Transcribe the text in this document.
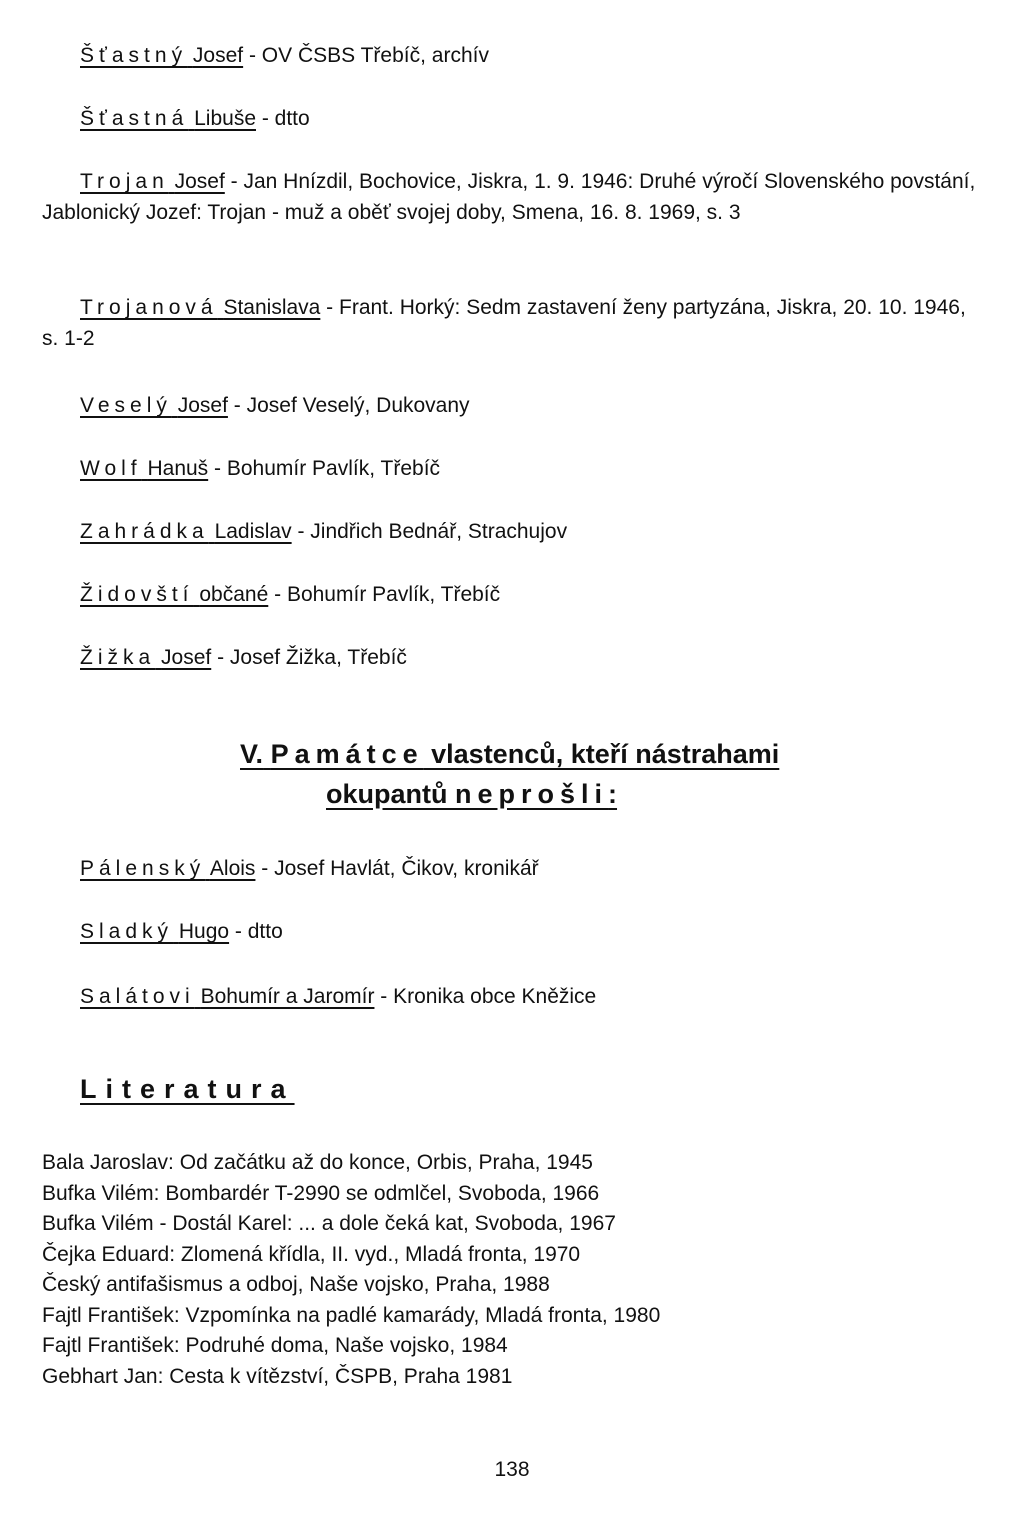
Šťastný Josef - OV ČSBS Třebíč, archív
Šťastná Libuše - dtto
Trojan Josef - Jan Hnízdil, Bochovice, Jiskra, 1. 9. 1946: Druhé výročí Slovenského povstání, Jablonický Jozef: Trojan - muž a oběť svojej doby, Smena, 16. 8. 1969, s. 3
Trojanová Stanislava - Frant. Horký: Sedm zastavení ženy partyzána, Jiskra, 20. 10. 1946, s. 1-2
Veselý Josef - Josef Veselý, Dukovany
Wolf Hanuš - Bohumír Pavlík, Třebíč
Zahrádka Ladislav - Jindřich Bednář, Strachujov
Židovští občané - Bohumír Pavlík, Třebíč
Žižka Josef - Josef Žižka, Třebíč
V. Památce vlastenců, kteří nástrahami
okupantů neprošli:
Pálenský Alois - Josef Havlát, Čikov, kronikář
Sladký Hugo - dtto
Salátovi Bohumír a Jaromír - Kronika obce Kněžice
Literatura
Bala Jaroslav: Od začátku až do konce, Orbis, Praha, 1945
Bufka Vilém: Bombardér T-2990 se odmlčel, Svoboda, 1966
Bufka Vilém - Dostál Karel: ... a dole čeká kat, Svoboda, 1967
Čejka Eduard: Zlomená křídla, II. vyd., Mladá fronta, 1970
Český antifašismus a odboj, Naše vojsko, Praha, 1988
Fajtl František: Vzpomínka na padlé kamarády, Mladá fronta, 1980
Fajtl František: Podruhé doma, Naše vojsko, 1984
Gebhart Jan: Cesta k vítězství, ČSPB, Praha 1981
138
